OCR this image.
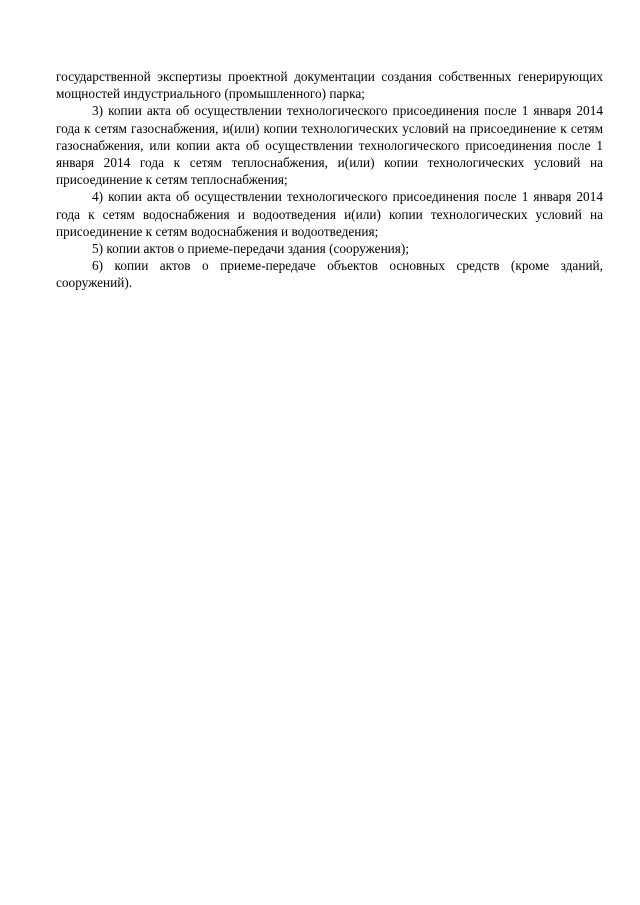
государственной экспертизы проектной документации создания собственных генерирующих мощностей индустриального (промышленного) парка;

3) копии акта об осуществлении технологического присоединения после 1 января 2014 года к сетям газоснабжения, и(или) копии технологических условий на присоединение к сетям газоснабжения, или копии акта об осуществлении технологического присоединения после 1 января 2014 года к сетям теплоснабжения, и(или) копии технологических условий на присоединение к сетям теплоснабжения;

4) копии акта об осуществлении технологического присоединения после 1 января 2014 года к сетям водоснабжения и водоотведения и(или) копии технологических условий на присоединение к сетям водоснабжения и водоотведения;

5) копии актов о приеме-передачи здания (сооружения);

6) копии актов о приеме-передаче объектов основных средств (кроме зданий, сооружений).
